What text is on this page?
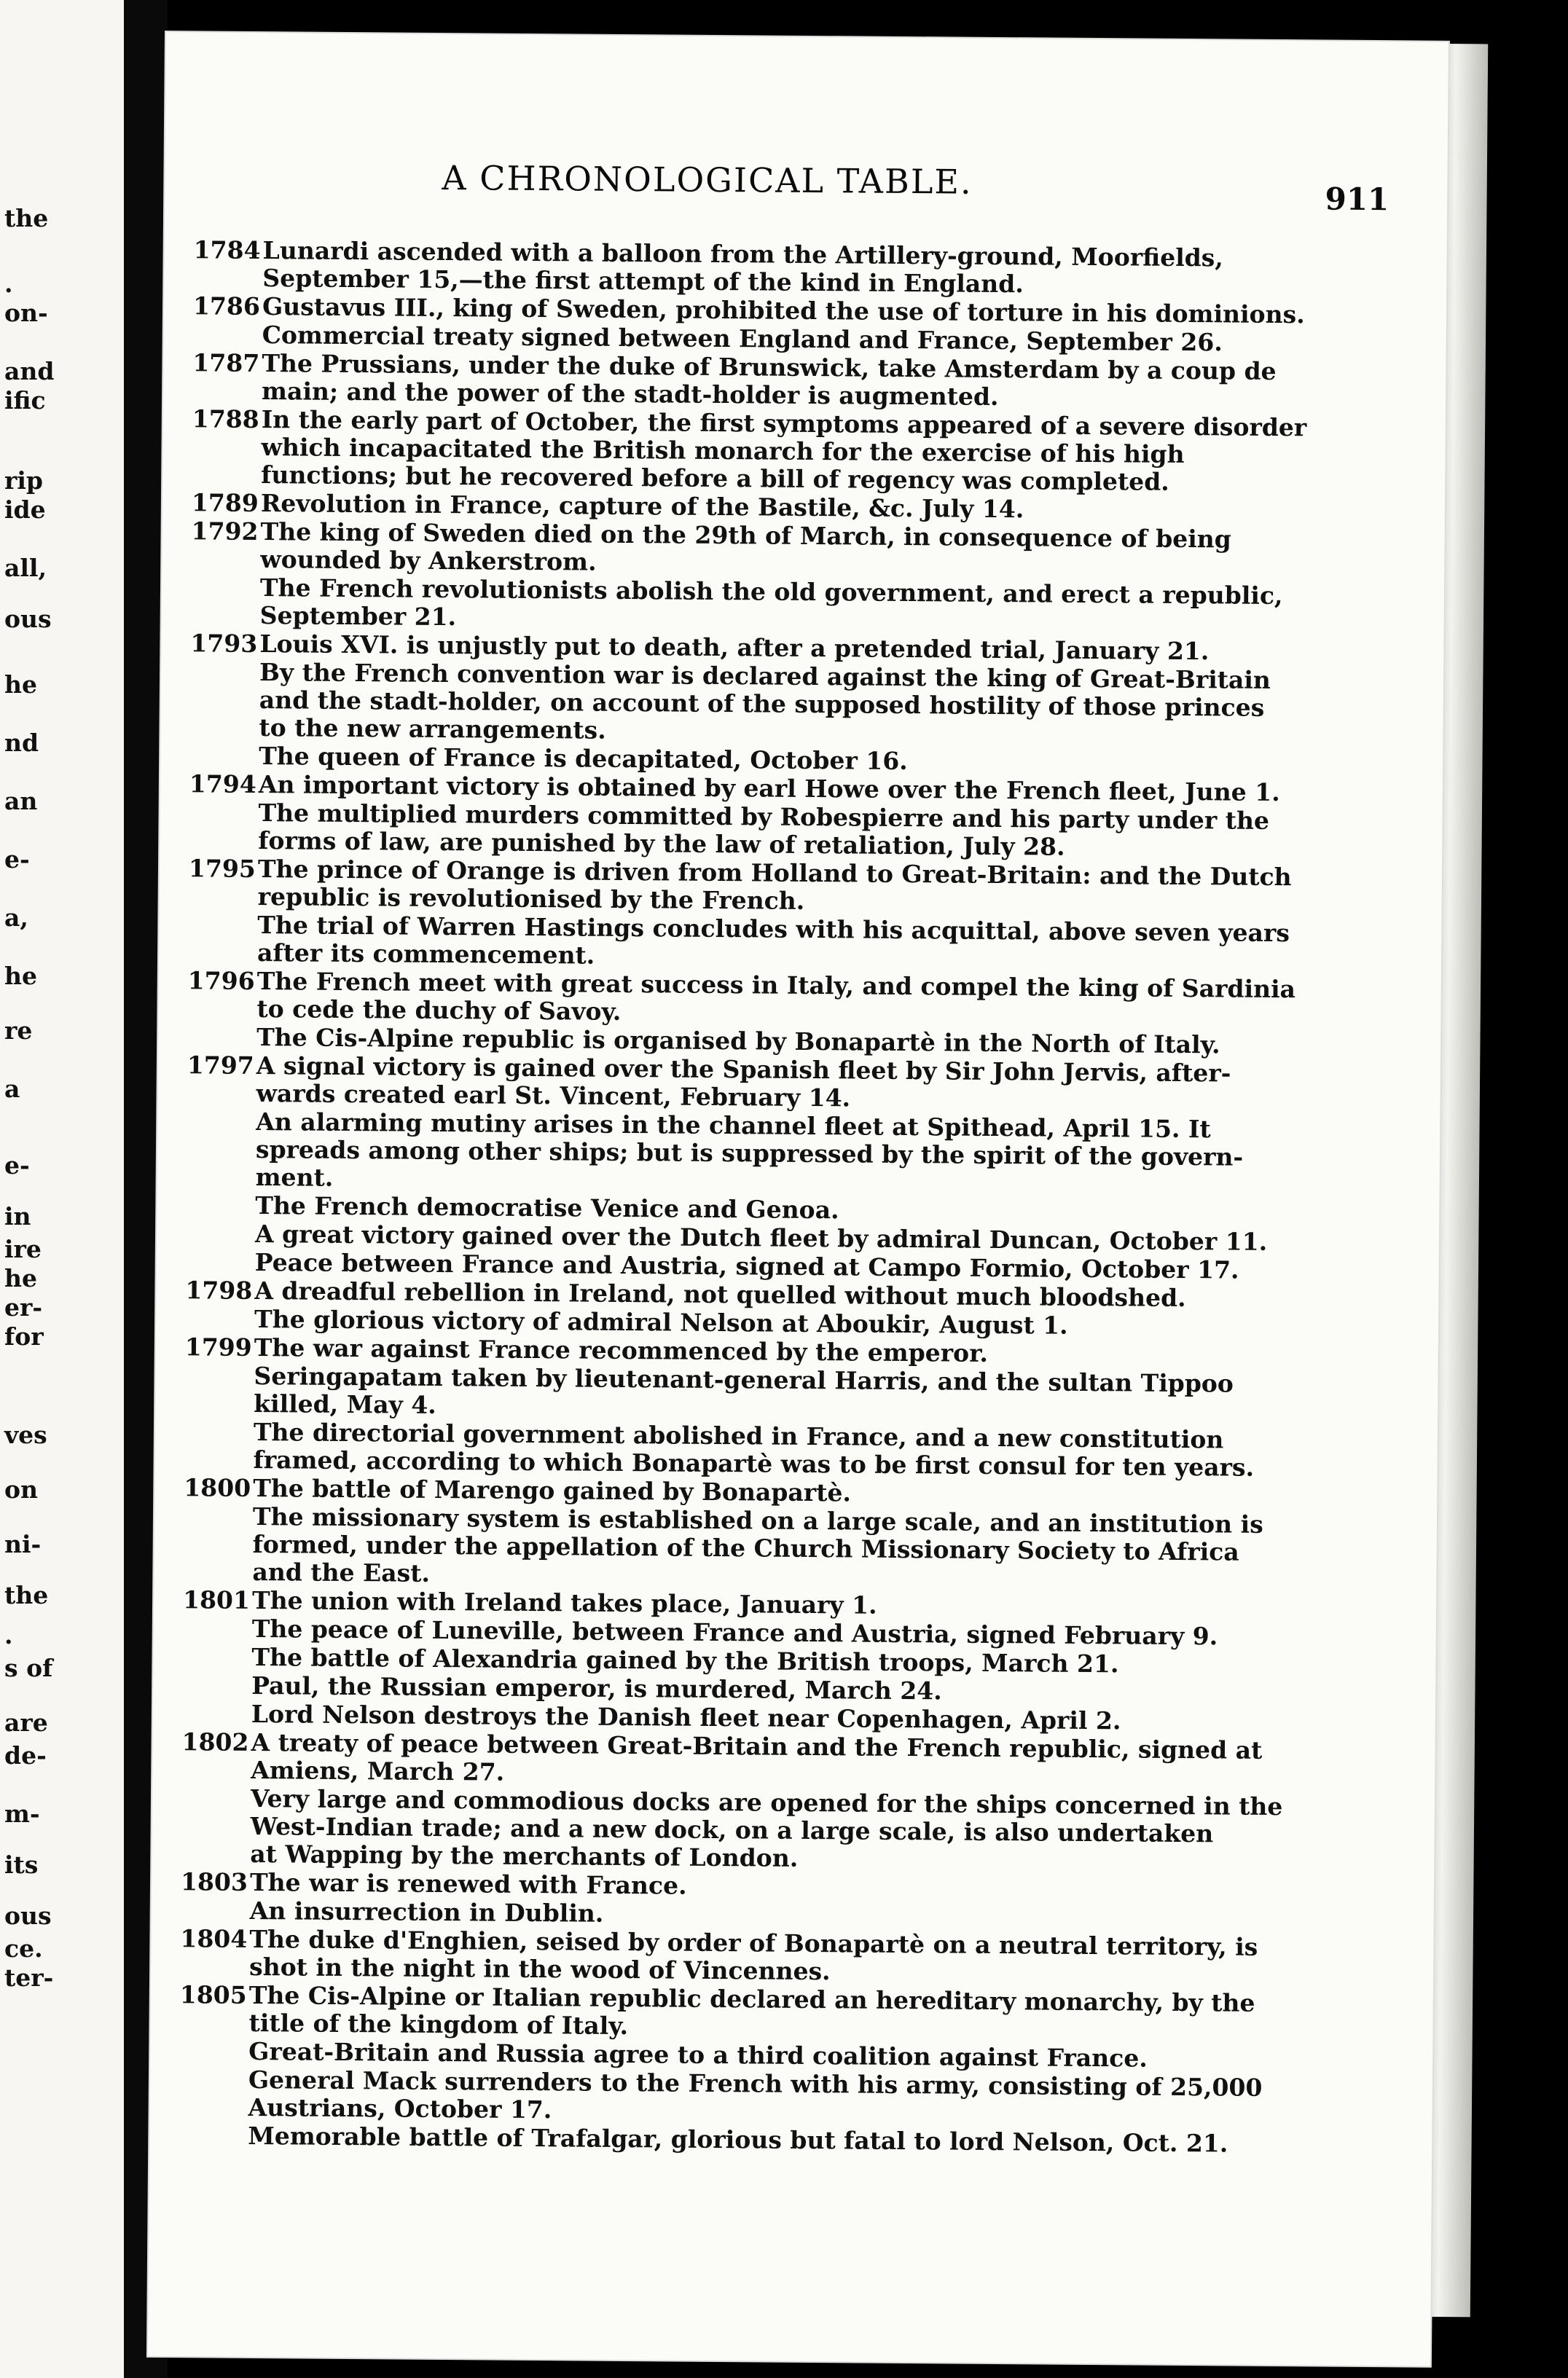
the
.
on-
and
ific
rip
ide
all,
ous
he
nd
an
e-
a,
he
re
a
e-
in
ire
he
er-
for
ves
on
ni-
the
.
s of
are
de-
m-
its
ous
ce.
ter-
A CHRONOLOGICAL TABLE.	911
1784 Lunardi ascended with a balloon from the Artillery-ground, Moorfields,
September 15,—the first attempt of the kind in England.
1786 Gustavus III., king of Sweden, prohibited the use of torture in his dominions.
Commercial treaty signed between England and France, September 26.
1787 The Prussians, under the duke of Brunswick, take Amsterdam by a coup de
main; and the power of the stadt-holder is augmented.
1788 In the early part of October, the first symptoms appeared of a severe disorder
which incapacitated the British monarch for the exercise of his high
functions; but he recovered before a bill of regency was completed.
1789 Revolution in France, capture of the Bastile, &c. July 14.
1792 The king of Sweden died on the 29th of March, in consequence of being
wounded by Ankerstrom.
The French revolutionists abolish the old government, and erect a republic,
September 21.
1793 Louis XVI. is unjustly put to death, after a pretended trial, January 21.
By the French convention war is declared against the king of Great-Britain
and the stadt-holder, on account of the supposed hostility of those princes
to the new arrangements.
The queen of France is decapitated, October 16.
1794 An important victory is obtained by earl Howe over the French fleet, June 1.
The multiplied murders committed by Robespierre and his party under the
forms of law, are punished by the law of retaliation, July 28.
1795 The prince of Orange is driven from Holland to Great-Britain: and the Dutch
republic is revolutionised by the French.
The trial of Warren Hastings concludes with his acquittal, above seven years
after its commencement.
1796 The French meet with great success in Italy, and compel the king of Sardinia
to cede the duchy of Savoy.
The Cis-Alpine republic is organised by Bonapartè in the North of Italy.
1797 A signal victory is gained over the Spanish fleet by Sir John Jervis, after-
wards created earl St. Vincent, February 14.
An alarming mutiny arises in the channel fleet at Spithead, April 15. It
spreads among other ships; but is suppressed by the spirit of the govern-
ment.
The French democratise Venice and Genoa.
A great victory gained over the Dutch fleet by admiral Duncan, October 11.
Peace between France and Austria, signed at Campo Formio, October 17.
1798 A dreadful rebellion in Ireland, not quelled without much bloodshed.
The glorious victory of admiral Nelson at Aboukir, August 1.
1799 The war against France recommenced by the emperor.
Seringapatam taken by lieutenant-general Harris, and the sultan Tippoo
killed, May 4.
The directorial government abolished in France, and a new constitution
framed, according to which Bonapartè was to be first consul for ten years.
1800 The battle of Marengo gained by Bonapartè.
The missionary system is established on a large scale, and an institution is
formed, under the appellation of the Church Missionary Society to Africa
and the East.
1801 The union with Ireland takes place, January 1.
The peace of Luneville, between France and Austria, signed February 9.
The battle of Alexandria gained by the British troops, March 21.
Paul, the Russian emperor, is murdered, March 24.
Lord Nelson destroys the Danish fleet near Copenhagen, April 2.
1802 A treaty of peace between Great-Britain and the French republic, signed at
Amiens, March 27.
Very large and commodious docks are opened for the ships concerned in the
West-Indian trade; and a new dock, on a large scale, is also undertaken
at Wapping by the merchants of London.
1803 The war is renewed with France.
An insurrection in Dublin.
1804 The duke d'Enghien, seised by order of Bonapartè on a neutral territory, is
shot in the night in the wood of Vincennes.
1805 The Cis-Alpine or Italian republic declared an hereditary monarchy, by the
title of the kingdom of Italy.
Great-Britain and Russia agree to a third coalition against France.
General Mack surrenders to the French with his army, consisting of 25,000
Austrians, October 17.
Memorable battle of Trafalgar, glorious but fatal to lord Nelson, Oct. 21.
